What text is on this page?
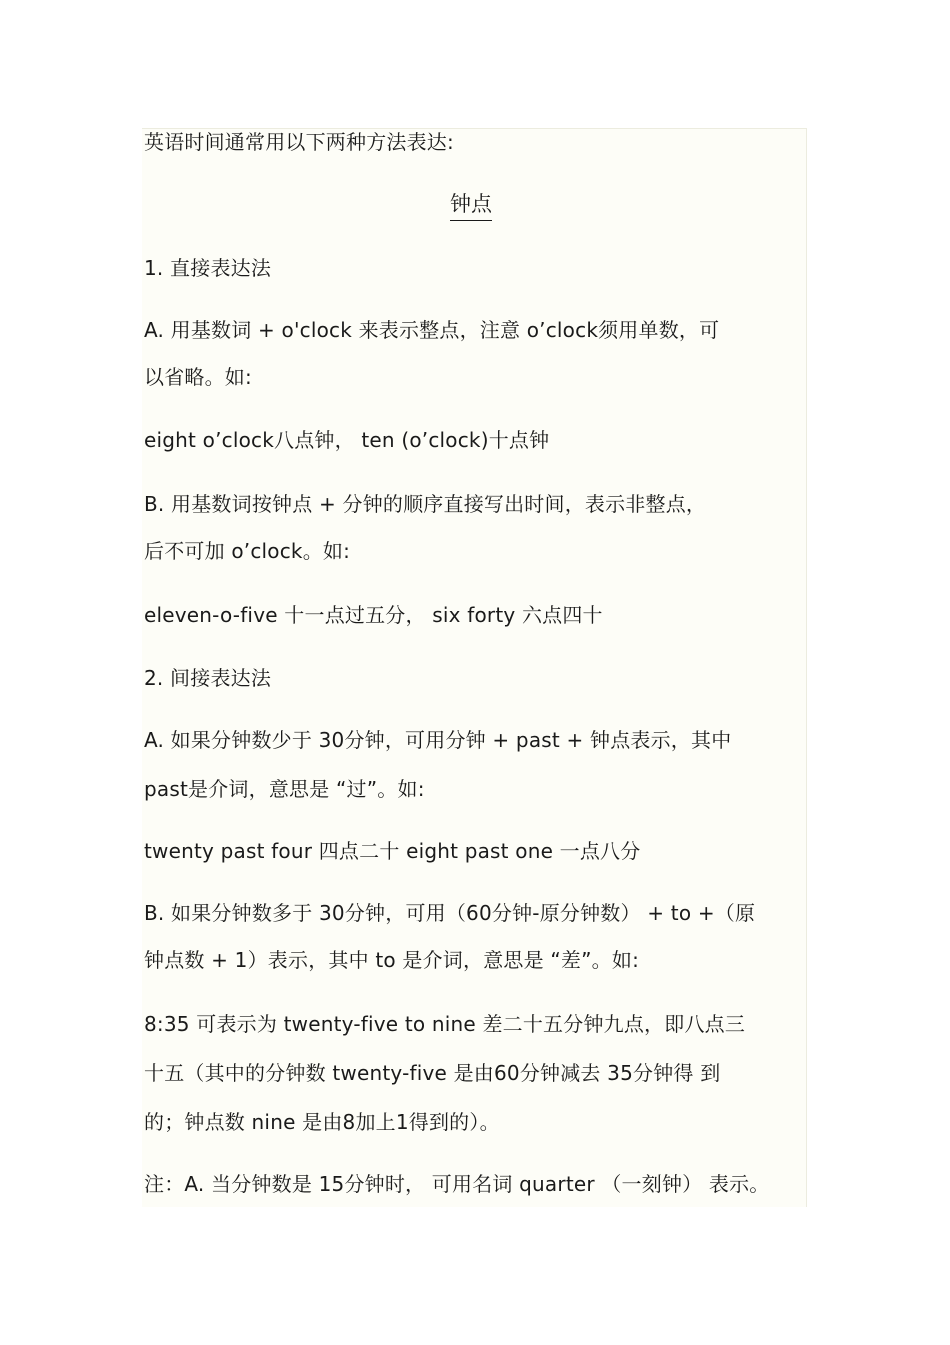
英语时间通常用以下两种方法表达:
钟点
1. 直接表达法
A. 用基数词 + o'clock 来表示整点，注意 o’clock须用单数，可
以省略。如:
eight o’clock八点钟， ten (o’clock)十点钟
B. 用基数词按钟点 + 分钟的顺序直接写出时间，表示非整点，
后不可加 o’clock。如:
eleven-o-five 十一点过五分， six forty 六点四十
2. 间接表达法
A. 如果分钟数少于 30分钟，可用分钟 + past + 钟点表示，其中
past是介词，意思是 “过”。如:
twenty past four 四点二十 eight past one 一点八分
B. 如果分钟数多于 30分钟，可用（60分钟-原分钟数） + to +（原
钟点数 + 1）表示，其中 to 是介词，意思是 “差”。如:
8:35 可表示为 twenty-five to nine 差二十五分钟九点，即八点三
十五（其中的分钟数 twenty-five 是由60分钟减去 35分钟得 到
的；钟点数 nine 是由8加上1得到的）。
注：A. 当分钟数是 15分钟时， 可用名词 quarter （一刻钟） 表示。
